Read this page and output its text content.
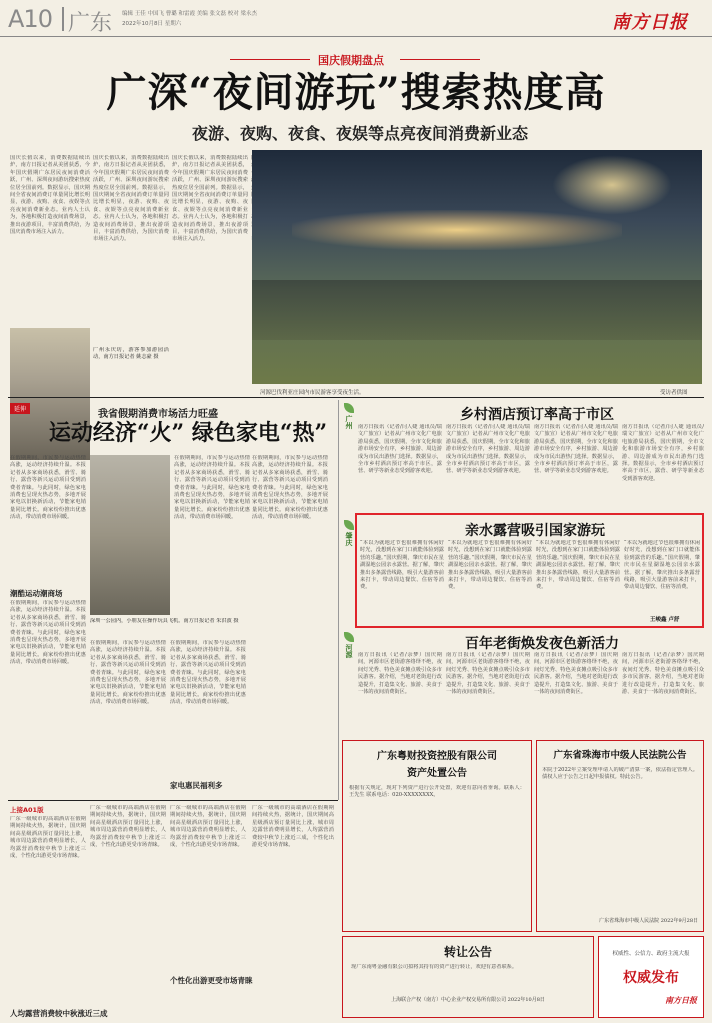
A10 广东 编辑 王佳 中国飞 曹璐 和雷霞 美编 张文磊 校对 梁永杰
2022年10月8日 星期六	南方日报
国庆假期盘点
广深“夜间游玩”搜索热度高
夜游、夜购、夜食、夜娱等点亮夜间消费新业态
国庆长假以来，消费数据陆续出炉，南方日报记者从美团获悉，今年国庆假期广东居民夜间消费活跃，广州、深圳夜间游玩搜索热度位居全国前列。数据显示，国庆期间全省夜间消费订单量同比增长明显，夜游、夜购、夜食、夜娱等点亮夜间消费新业态。业内人士认为，各地积极打造夜间消费场景，推出夜游项目，丰富消费供给，为国庆消费市场注入活力。
国庆长假以来，消费数据陆续出炉，南方日报记者从美团获悉，今年国庆假期广东居民夜间消费活跃，广州、深圳夜间游玩搜索热度位居全国前列。数据显示，国庆期间全省夜间消费订单量同比增长明显，夜游、夜购、夜食、夜娱等点亮夜间消费新业态。业内人士认为，各地积极打造夜间消费场景，推出夜游项目，丰富消费供给，为国庆消费市场注入活力。
国庆长假以来，消费数据陆续出炉，南方日报记者从美团获悉，今年国庆假期广东居民夜间消费活跃，广州、深圳夜间游玩搜索热度位居全国前列。数据显示，国庆期间全省夜间消费订单量同比增长明显，夜游、夜购、夜食、夜娱等点亮夜间消费新业态。业内人士认为，各地积极打造夜间消费场景，推出夜游项目，丰富消费供给，为国庆消费市场注入活力。
广州永庆坊，游客参加游园活动，南方日报记者 姚志豪 摄
河源巴伐利亚庄园内市民游客享受夜生活。	受访者供图
延伸	我省假期消费市场活力旺盛
运动经济“火” 绿色家电“热”
在假期期间，市民参与运动热情高涨，运动经济持续升温。本报记者从多家商场获悉，滑雪、骑行、露营等新兴运动项目受到消费者青睐。与此同时，绿色家电消费也呈现火热态势，多地开展家电以旧换新活动，节能家电销量同比增长。商家纷纷推出优惠活动，带动消费市场回暖。
潮酷运动潮商场
在假期期间，市民参与运动热情高涨，运动经济持续升温。本报记者从多家商场获悉，滑雪、骑行、露营等新兴运动项目受到消费者青睐。与此同时，绿色家电消费也呈现火热态势，多地开展家电以旧换新活动，节能家电销量同比增长。商家纷纷推出优惠活动，带动消费市场回暖。
深圳一公园内，小朋友在操作玩具飞机。南方日报记者 朱洪波 摄
在假期期间，市民参与运动热情高涨，运动经济持续升温。本报记者从多家商场获悉，滑雪、骑行、露营等新兴运动项目受到消费者青睐。与此同时，绿色家电消费也呈现火热态势，多地开展家电以旧换新活动，节能家电销量同比增长。商家纷纷推出优惠活动，带动消费市场回暖。
在假期期间，市民参与运动热情高涨，运动经济持续升温。本报记者从多家商场获悉，滑雪、骑行、露营等新兴运动项目受到消费者青睐。与此同时，绿色家电消费也呈现火热态势，多地开展家电以旧换新活动，节能家电销量同比增长。商家纷纷推出优惠活动，带动消费市场回暖。
在假期期间，市民参与运动热情高涨，运动经济持续升温。本报记者从多家商场获悉，滑雪、骑行、露营等新兴运动项目受到消费者青睐。与此同时，绿色家电消费也呈现火热态势，多地开展家电以旧换新活动，节能家电销量同比增长。商家纷纷推出优惠活动，带动消费市场回暖。
在假期期间，市民参与运动热情高涨，运动经济持续升温。本报记者从多家商场获悉，滑雪、骑行、露营等新兴运动项目受到消费者青睐。与此同时，绿色家电消费也呈现火热态势，多地开展家电以旧换新活动，节能家电销量同比增长。商家纷纷推出优惠活动，带动消费市场回暖。
家电惠民福利多
广州	乡村酒店预订率高于市区
南方日报讯（记者/闫人婕 通讯员/瑞文广旅宣）记者从广州市文化广电旅游局获悉，国庆假期，全市文化和旅游市场安全有序，乡村旅游、周边游成为市民出游热门选择。数据显示，全市乡村酒店预订率高于市区，露营、研学等新业态受到游客欢迎。
南方日报讯（记者/闫人婕 通讯员/瑞文广旅宣）记者从广州市文化广电旅游局获悉，国庆假期，全市文化和旅游市场安全有序，乡村旅游、周边游成为市民出游热门选择。数据显示，全市乡村酒店预订率高于市区，露营、研学等新业态受到游客欢迎。
南方日报讯（记者/闫人婕 通讯员/瑞文广旅宣）记者从广州市文化广电旅游局获悉，国庆假期，全市文化和旅游市场安全有序，乡村旅游、周边游成为市民出游热门选择。数据显示，全市乡村酒店预订率高于市区，露营、研学等新业态受到游客欢迎。
南方日报讯（记者/闫人婕 通讯员/瑞文广旅宣）记者从广州市文化广电旅游局获悉，国庆假期，全市文化和旅游市场安全有序，乡村旅游、周边游成为市民出游热门选择。数据显示，全市乡村酒店预订率高于市区，露营、研学等新业态受到游客欢迎。
肇庆	亲水露营吸引国家游玩
“本以为就地过节也很难拥有休闲好时光，没想到在家门口就能体验到露营的乐趣。”国庆假期，肇庆市民在星湖湿地公园亲水露营。据了解，肇庆推出多条露营线路，吸引大量游客前来打卡，带动周边餐饮、住宿等消费。
“本以为就地过节也很难拥有休闲好时光，没想到在家门口就能体验到露营的乐趣。”国庆假期，肇庆市民在星湖湿地公园亲水露营。据了解，肇庆推出多条露营线路，吸引大量游客前来打卡，带动周边餐饮、住宿等消费。
“本以为就地过节也很难拥有休闲好时光，没想到在家门口就能体验到露营的乐趣。”国庆假期，肇庆市民在星湖湿地公园亲水露营。据了解，肇庆推出多条露营线路，吸引大量游客前来打卡，带动周边餐饮、住宿等消费。
“本以为就地过节也很难拥有休闲好时光，没想到在家门口就能体验到露营的乐趣。”国庆假期，肇庆市民在星湖湿地公园亲水露营。据了解，肇庆推出多条露营线路，吸引大量游客前来打卡，带动周边餐饮、住宿等消费。
王峻鑫 卢舒
河源	百年老街焕发夜色新活力
南方日报讯（记者/余梦）国庆期间，河源市区老街游客络绎不绝，夜间灯光秀、特色美食摊点吸引众多市民游客。据介绍，当地对老街进行改造提升，打造集文化、旅游、美食于一体的夜间消费街区。
南方日报讯（记者/余梦）国庆期间，河源市区老街游客络绎不绝，夜间灯光秀、特色美食摊点吸引众多市民游客。据介绍，当地对老街进行改造提升，打造集文化、旅游、美食于一体的夜间消费街区。
南方日报讯（记者/余梦）国庆期间，河源市区老街游客络绎不绝，夜间灯光秀、特色美食摊点吸引众多市民游客。据介绍，当地对老街进行改造提升，打造集文化、旅游、美食于一体的夜间消费街区。
南方日报讯（记者/余梦）国庆期间，河源市区老街游客络绎不绝，夜间灯光秀、特色美食摊点吸引众多市民游客。据介绍，当地对老街进行改造提升，打造集文化、旅游、美食于一体的夜间消费街区。
上接A01版
广东一级城市的高端酒店在假期期间持续火热，据统计，国庆期间高星级酒店预订量同比上涨，城市周边露营消费明显增长，人均露营消费较中秋节上涨近三成，个性化出游更受市场青睐。
广东一级城市的高端酒店在假期期间持续火热，据统计，国庆期间高星级酒店预订量同比上涨，城市周边露营消费明显增长，人均露营消费较中秋节上涨近三成，个性化出游更受市场青睐。
广东一级城市的高端酒店在假期期间持续火热，据统计，国庆期间高星级酒店预订量同比上涨，城市周边露营消费明显增长，人均露营消费较中秋节上涨近三成，个性化出游更受市场青睐。
广东一级城市的高端酒店在假期期间持续火热，据统计，国庆期间高星级酒店预订量同比上涨，城市周边露营消费明显增长，人均露营消费较中秋节上涨近三成，个性化出游更受市场青睐。
个性化出游更受市场青睐
人均露营消费较中秋涨近三成
广东粤财投资控股有限公司
资产处置公告
根据有关规定，现对下列资产进行公开处置，欢迎有意向者垂询。联系人：王先生 联系电话：020-XXXXXXXX。
广东省珠海市中级人民法院公告
本院于2022年立案受理申请人的破产清算一案，依法指定管理人。债权人应于公告之日起申报债权。特此公告。
广东省珠海市中级人民法院 2022年9月28日
转让公告
现广东南粤金融有限公司拟将其持有的资产进行转让，欢迎有意者联系。
上海联合产权（南方）中心企业产权交易所有限公司 2022年10月8日
权威性、公信力、政府主流大报
权威发布
南方日报
